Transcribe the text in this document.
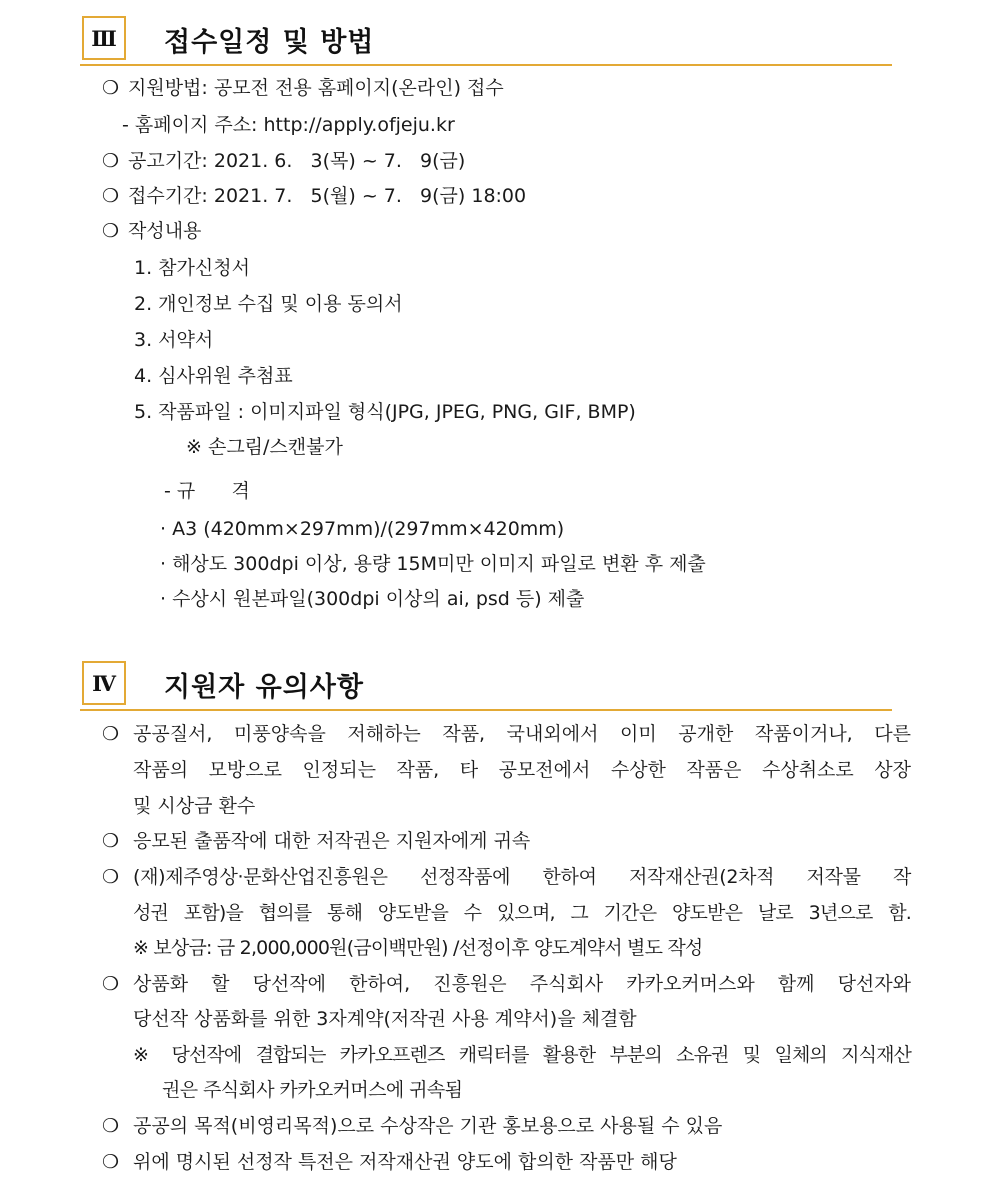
Ⅲ	접수일정 및 방법
❍ 지원방법: 공모전 전용 홈페이지(온라인) 접수
- 홈페이지 주소: http://apply.ofjeju.kr
❍ 공고기간: 2021. 6.   3(목) ~ 7.   9(금)
❍ 접수기간: 2021. 7.   5(월) ~ 7.   9(금) 18:00
❍ 작성내용
1. 참가신청서
2. 개인정보 수집 및 이용 동의서
3. 서약서
4. 심사위원 추첨표
5. 작품파일 : 이미지파일 형식(JPG, JPEG, PNG, GIF, BMP)
※ 손그림/스캔불가
- 규      격
· A3 (420mm×297mm)/(297mm×420mm)
· 해상도 300dpi 이상, 용량 15M미만 이미지 파일로 변환 후 제출
· 수상시 원본파일(300dpi 이상의 ai, psd 등) 제출
Ⅳ	지원자 유의사항
❍ 공공질서, 미풍양속을 저해하는 작품, 국내외에서 이미 공개한 작품이거나, 다른
작품의 모방으로 인정되는 작품, 타 공모전에서 수상한 작품은 수상취소로 상장
및 시상금 환수
❍ 응모된 출품작에 대한 저작권은 지원자에게 귀속
❍ (재)제주영상·문화산업진흥원은 선정작품에 한하여 저작재산권(2차적 저작물 작
성권 포함)을 협의를 통해 양도받을 수 있으며, 그 기간은 양도받은 날로 3년으로 함.
※ 보상금: 금 2,000,000원(금이백만원) /선정이후 양도계약서 별도 작성
❍ 상품화 할 당선작에 한하여, 진흥원은 주식회사 카카오커머스와 함께 당선자와
당선작 상품화를 위한 3자계약(저작권 사용 계약서)을 체결함
※ 당선작에 결합되는 카카오프렌즈 캐릭터를 활용한 부분의 소유권 및 일체의 지식재산
권은 주식회사 카카오커머스에 귀속됨
❍ 공공의 목적(비영리목적)으로 수상작은 기관 홍보용으로 사용될 수 있음
❍ 위에 명시된 선정작 특전은 저작재산권 양도에 합의한 작품만 해당
